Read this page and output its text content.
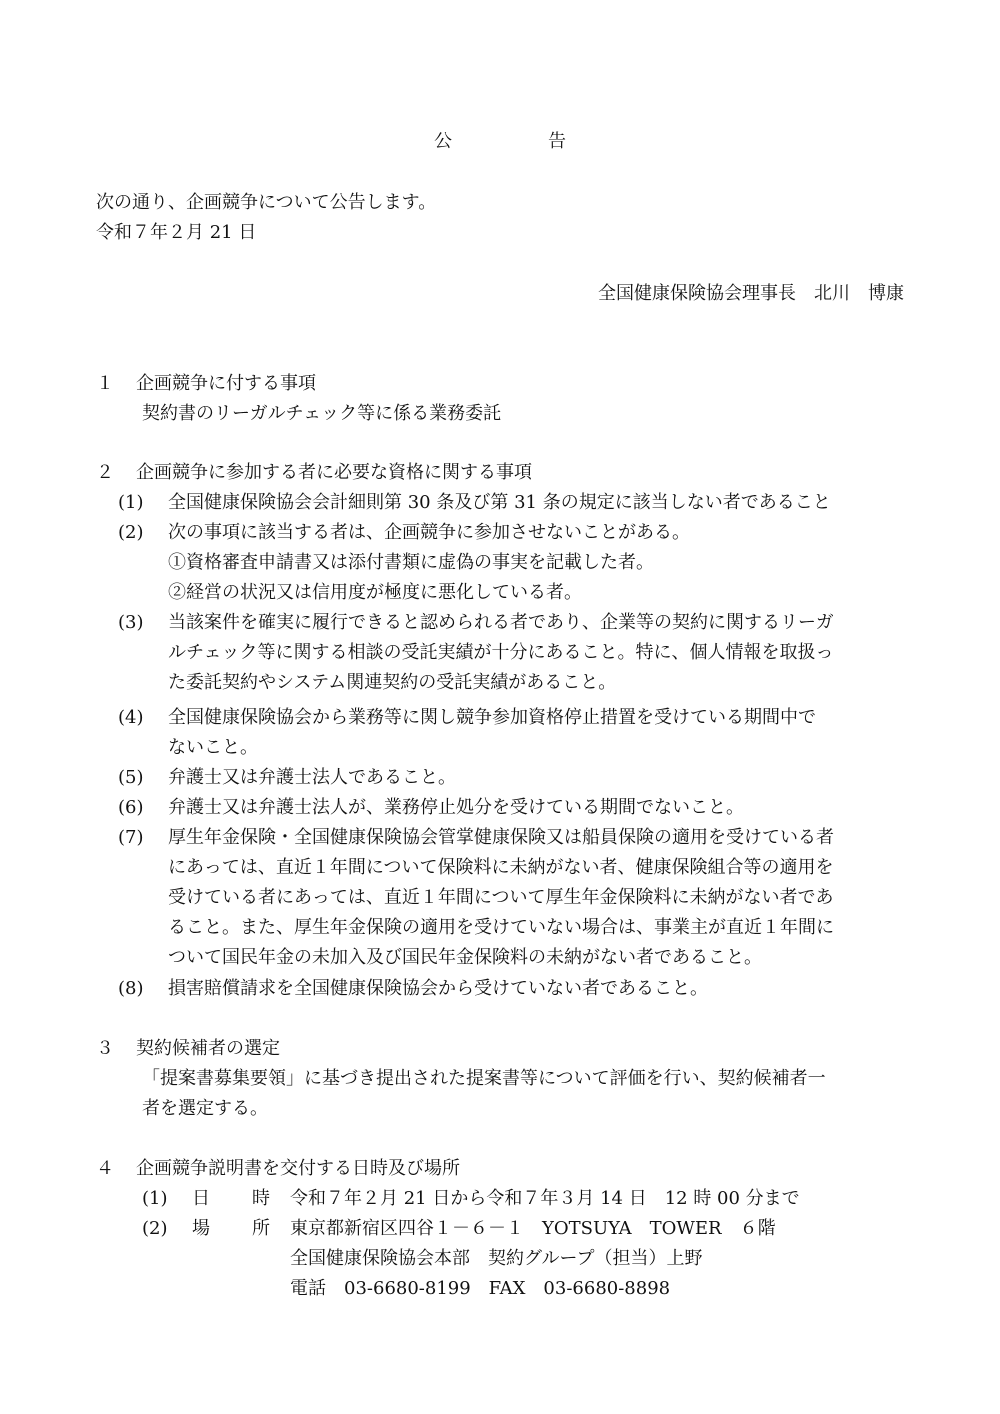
公	告
次の通り、企画競争について公告します。
令和７年２月 21 日
全国健康保険協会理事長　北川　博康
１	企画競争に付する事項
契約書のリーガルチェック等に係る業務委託
２	企画競争に参加する者に必要な資格に関する事項
(1)	全国健康保険協会会計細則第 30 条及び第 31 条の規定に該当しない者であること
(2)	次の事項に該当する者は、企画競争に参加させないことがある。
①資格審査申請書又は添付書類に虚偽の事実を記載した者。
②経営の状況又は信用度が極度に悪化している者。
(3)	当該案件を確実に履行できると認められる者であり、企業等の契約に関するリーガ
ルチェック等に関する相談の受託実績が十分にあること。特に、個人情報を取扱っ
た委託契約やシステム関連契約の受託実績があること。
(4)	全国健康保険協会から業務等に関し競争参加資格停止措置を受けている期間中で
ないこと。
(5)	弁護士又は弁護士法人であること。
(6)	弁護士又は弁護士法人が、業務停止処分を受けている期間でないこと。
(7)	厚生年金保険・全国健康保険協会管掌健康保険又は船員保険の適用を受けている者
にあっては、直近１年間について保険料に未納がない者、健康保険組合等の適用を
受けている者にあっては、直近１年間について厚生年金保険料に未納がない者であ
ること。また、厚生年金保険の適用を受けていない場合は、事業主が直近１年間に
ついて国民年金の未加入及び国民年金保険料の未納がない者であること。
(8)	損害賠償請求を全国健康保険協会から受けていない者であること。
３	契約候補者の選定
「提案書募集要領」に基づき提出された提案書等について評価を行い、契約候補者一
者を選定する。
４	企画競争説明書を交付する日時及び場所
(1)	日 時 令和７年２月 21 日から令和７年３月 14 日　12 時 00 分まで
(2)	場 所 東京都新宿区四谷１－６－１　YOTSUYA　TOWER　６階
全国健康保険協会本部　契約グループ（担当）上野
電話　03-6680-8199　FAX　03-6680-8898
